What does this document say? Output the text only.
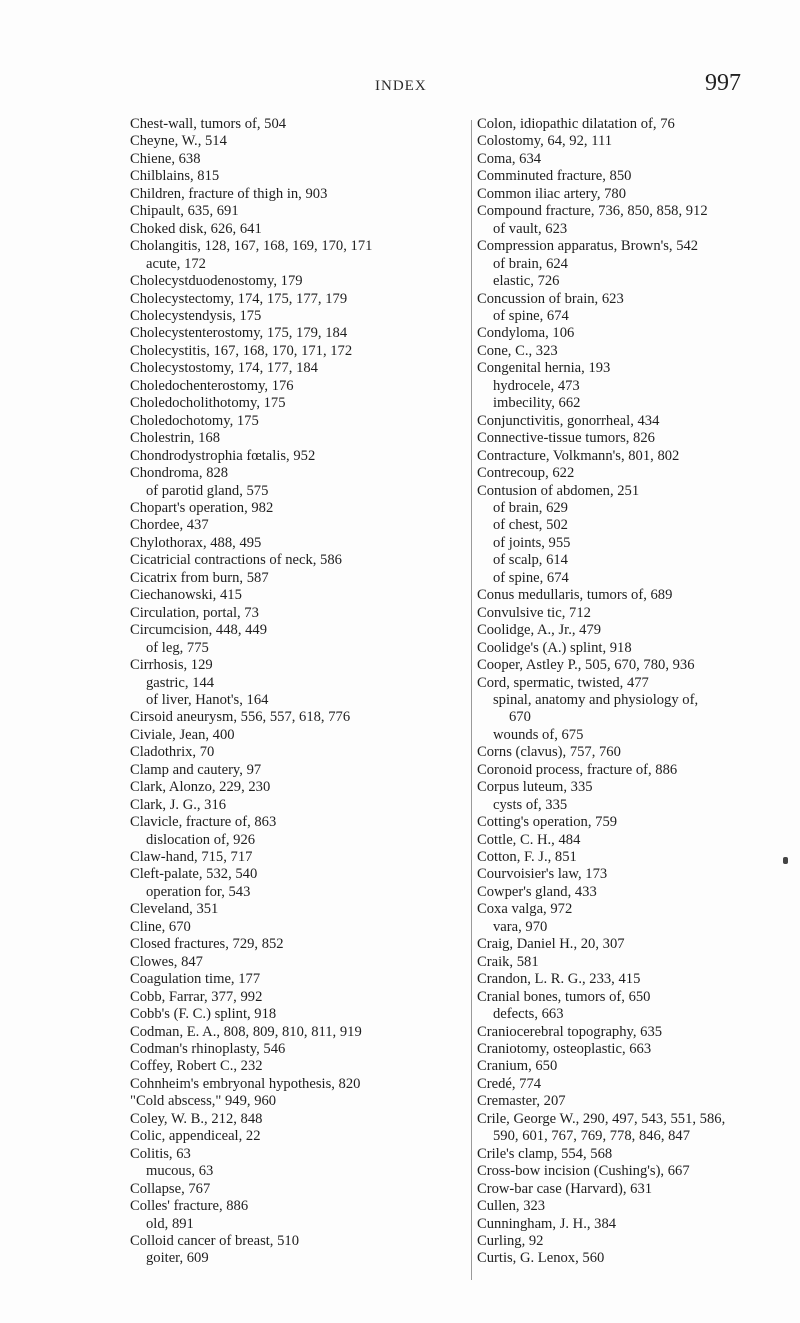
INDEX	997
Chest-wall, tumors of, 504
Cheyne, W., 514
Chiene, 638
Chilblains, 815
Children, fracture of thigh in, 903
Chipault, 635, 691
Choked disk, 626, 641
Cholangitis, 128, 167, 168, 169, 170, 171
acute, 172
Cholecystduodenostomy, 179
Cholecystectomy, 174, 175, 177, 179
Cholecystendysis, 175
Cholecystenterostomy, 175, 179, 184
Cholecystitis, 167, 168, 170, 171, 172
Cholecystostomy, 174, 177, 184
Choledochenterostomy, 176
Choledocholithotomy, 175
Choledochotomy, 175
Cholestrin, 168
Chondrodystrophia fœtalis, 952
Chondroma, 828
of parotid gland, 575
Chopart's operation, 982
Chordee, 437
Chylothorax, 488, 495
Cicatricial contractions of neck, 586
Cicatrix from burn, 587
Ciechanowski, 415
Circulation, portal, 73
Circumcision, 448, 449
of leg, 775
Cirrhosis, 129
gastric, 144
of liver, Hanot's, 164
Cirsoid aneurysm, 556, 557, 618, 776
Civiale, Jean, 400
Cladothrix, 70
Clamp and cautery, 97
Clark, Alonzo, 229, 230
Clark, J. G., 316
Clavicle, fracture of, 863
dislocation of, 926
Claw-hand, 715, 717
Cleft-palate, 532, 540
operation for, 543
Cleveland, 351
Cline, 670
Closed fractures, 729, 852
Clowes, 847
Coagulation time, 177
Cobb, Farrar, 377, 992
Cobb's (F. C.) splint, 918
Codman, E. A., 808, 809, 810, 811, 919
Codman's rhinoplasty, 546
Coffey, Robert C., 232
Cohnheim's embryonal hypothesis, 820
"Cold abscess," 949, 960
Coley, W. B., 212, 848
Colic, appendiceal, 22
Colitis, 63
mucous, 63
Collapse, 767
Colles' fracture, 886
old, 891
Colloid cancer of breast, 510
goiter, 609
Colon, idiopathic dilatation of, 76
Colostomy, 64, 92, 111
Coma, 634
Comminuted fracture, 850
Common iliac artery, 780
Compound fracture, 736, 850, 858, 912
of vault, 623
Compression apparatus, Brown's, 542
of brain, 624
elastic, 726
Concussion of brain, 623
of spine, 674
Condyloma, 106
Cone, C., 323
Congenital hernia, 193
hydrocele, 473
imbecility, 662
Conjunctivitis, gonorrheal, 434
Connective-tissue tumors, 826
Contracture, Volkmann's, 801, 802
Contrecoup, 622
Contusion of abdomen, 251
of brain, 629
of chest, 502
of joints, 955
of scalp, 614
of spine, 674
Conus medullaris, tumors of, 689
Convulsive tic, 712
Coolidge, A., Jr., 479
Coolidge's (A.) splint, 918
Cooper, Astley P., 505, 670, 780, 936
Cord, spermatic, twisted, 477
spinal, anatomy and physiology of,
670
wounds of, 675
Corns (clavus), 757, 760
Coronoid process, fracture of, 886
Corpus luteum, 335
cysts of, 335
Cotting's operation, 759
Cottle, C. H., 484
Cotton, F. J., 851
Courvoisier's law, 173
Cowper's gland, 433
Coxa valga, 972
vara, 970
Craig, Daniel H., 20, 307
Craik, 581
Crandon, L. R. G., 233, 415
Cranial bones, tumors of, 650
defects, 663
Craniocerebral topography, 635
Craniotomy, osteoplastic, 663
Cranium, 650
Credé, 774
Cremaster, 207
Crile, George W., 290, 497, 543, 551, 586,
590, 601, 767, 769, 778, 846, 847
Crile's clamp, 554, 568
Cross-bow incision (Cushing's), 667
Crow-bar case (Harvard), 631
Cullen, 323
Cunningham, J. H., 384
Curling, 92
Curtis, G. Lenox, 560
